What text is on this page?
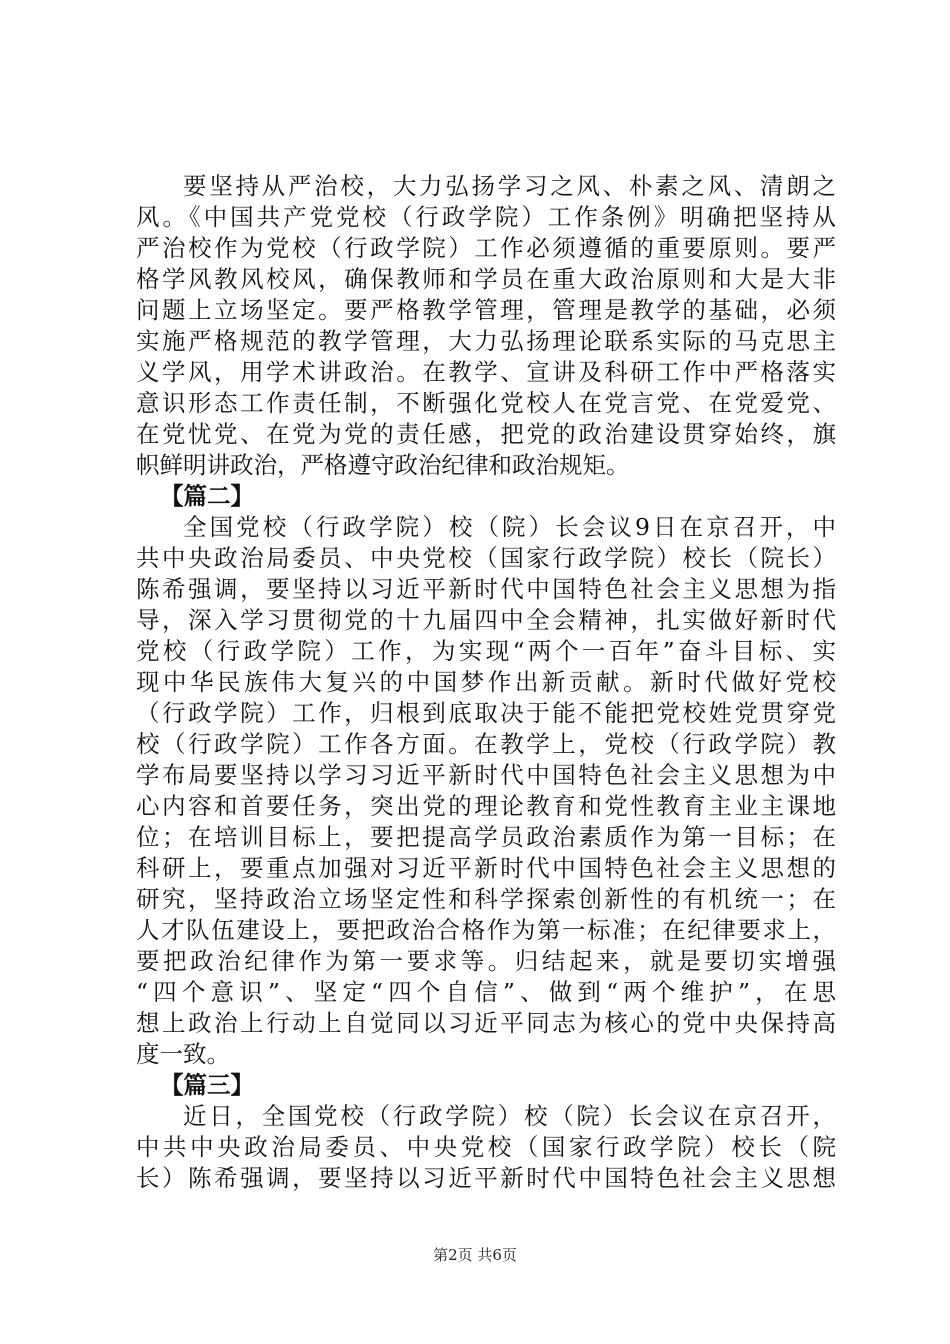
要坚持从严治校，大力弘扬学习之风、朴素之风、清朗之
风。《中国共产党党校（行政学院）工作条例》明确把坚持从
严治校作为党校（行政学院）工作必须遵循的重要原则。要严
格学风教风校风，确保教师和学员在重大政治原则和大是大非
问题上立场坚定。要严格教学管理，管理是教学的基础，必须
实施严格规范的教学管理，大力弘扬理论联系实际的马克思主
义学风，用学术讲政治。在教学、宣讲及科研工作中严格落实
意识形态工作责任制，不断强化党校人在党言党、在党爱党、
在党忧党、在党为党的责任感，把党的政治建设贯穿始终，旗
帜鲜明讲政治，严格遵守政治纪律和政治规矩。
【篇二】
全国党校（行政学院）校（院）长会议9日在京召开，中
共中央政治局委员、中央党校（国家行政学院）校长（院长）
陈希强调，要坚持以习近平新时代中国特色社会主义思想为指
导，深入学习贯彻党的十九届四中全会精神，扎实做好新时代
党校（行政学院）工作，为实现“两个一百年”奋斗目标、实
现中华民族伟大复兴的中国梦作出新贡献。新时代做好党校
（行政学院）工作，归根到底取决于能不能把党校姓党贯穿党
校（行政学院）工作各方面。在教学上，党校（行政学院）教
学布局要坚持以学习习近平新时代中国特色社会主义思想为中
心内容和首要任务，突出党的理论教育和党性教育主业主课地
位；在培训目标上，要把提高学员政治素质作为第一目标；在
科研上，要重点加强对习近平新时代中国特色社会主义思想的
研究，坚持政治立场坚定性和科学探索创新性的有机统一；在
人才队伍建设上，要把政治合格作为第一标准；在纪律要求上，
要把政治纪律作为第一要求等。归结起来，就是要切实增强
“四个意识”、坚定“四个自信”、做到“两个维护”，在思
想上政治上行动上自觉同以习近平同志为核心的党中央保持高
度一致。
【篇三】
近日，全国党校（行政学院）校（院）长会议在京召开，
中共中央政治局委员、中央党校（国家行政学院）校长（院
长）陈希强调，要坚持以习近平新时代中国特色社会主义思想
第2页 共6页
